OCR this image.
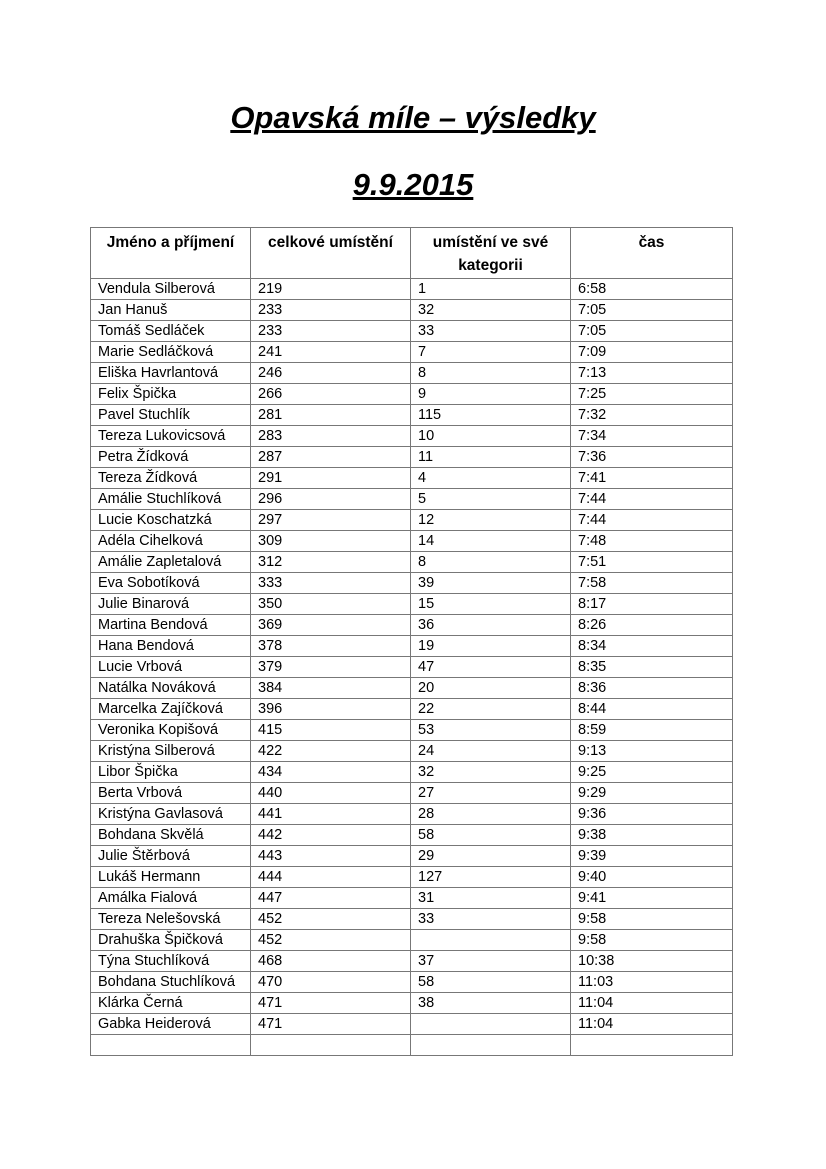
Opavská míle – výsledky
9.9.2015
Jméno a příjmení	celkové umístění	umístění ve své kategorii	čas
Vendula Silberová	219	1	6:58
Jan Hanuš	233	32	7:05
Tomáš Sedláček	233	33	7:05
Marie Sedláčková	241	7	7:09
Eliška Havrlantová	246	8	7:13
Felix Špička	266	9	7:25
Pavel Stuchlík	281	115	7:32
Tereza Lukovicsová	283	10	7:34
Petra Žídková	287	11	7:36
Tereza Žídková	291	4	7:41
Amálie Stuchlíková	296	5	7:44
Lucie Koschatzká	297	12	7:44
Adéla Cihelková	309	14	7:48
Amálie Zapletalová	312	8	7:51
Eva Sobotíková	333	39	7:58
Julie Binarová	350	15	8:17
Martina Bendová	369	36	8:26
Hana Bendová	378	19	8:34
Lucie Vrbová	379	47	8:35
Natálka Nováková	384	20	8:36
Marcelka Zajíčková	396	22	8:44
Veronika Kopišová	415	53	8:59
Kristýna Silberová	422	24	9:13
Libor Špička	434	32	9:25
Berta Vrbová	440	27	9:29
Kristýna Gavlasová	441	28	9:36
Bohdana Skvělá	442	58	9:38
Julie Štěrbová	443	29	9:39
Lukáš Hermann	444	127	9:40
Amálka Fialová	447	31	9:41
Tereza Nelešovská	452	33	9:58
Drahuška Špičková	452		9:58
Týna Stuchlíková	468	37	10:38
Bohdana Stuchlíková	470	58	11:03
Klárka Černá	471	38	11:04
Gabka Heiderová	471		11:04
